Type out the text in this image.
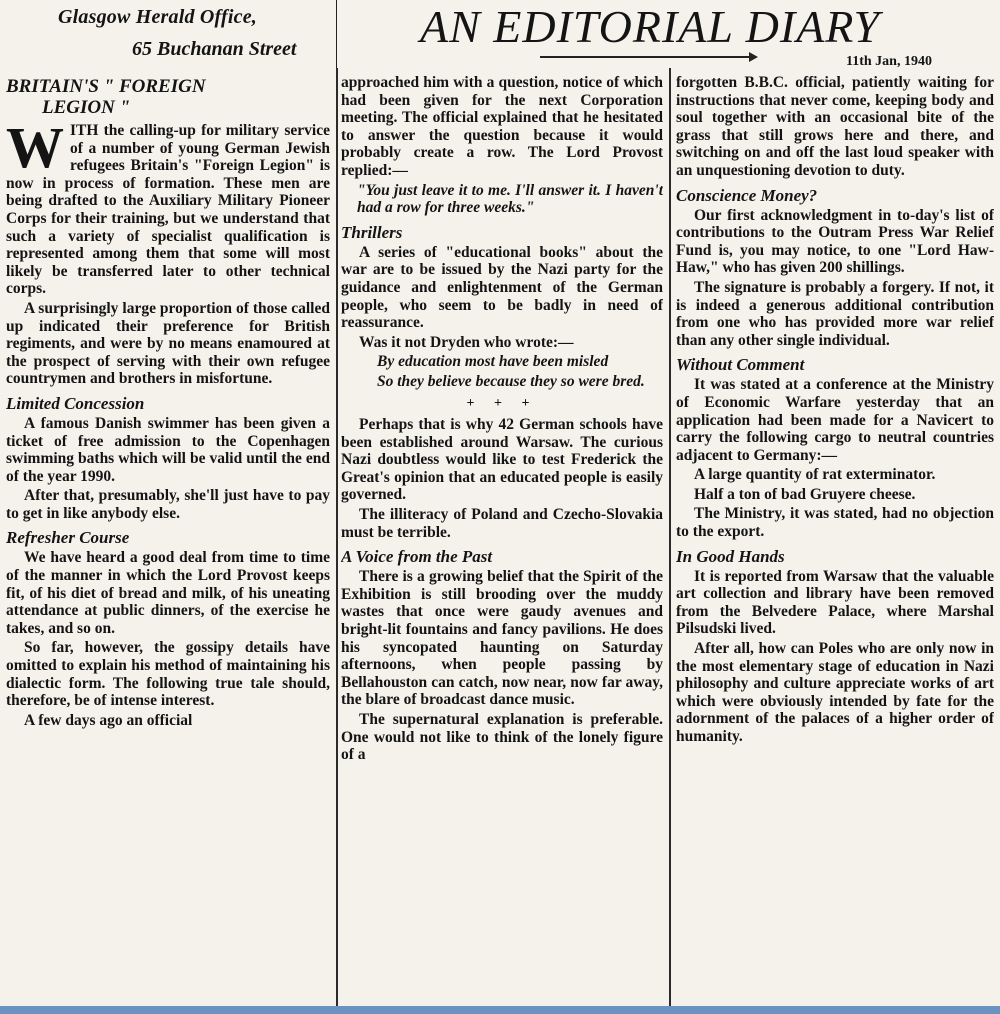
Glasgow Herald Office,
65 Buchanan Street	AN EDITORIAL DIARY
11th Jan, 1940
BRITAIN'S " FOREIGN
LEGION "

WITH the calling-up for military service of a number of young German Jewish refugees Britain's "Foreign Legion" is now in process of formation. These men are being drafted to the Auxiliary Military Pioneer Corps for their training, but we understand that such a variety of specialist qualification is represented among them that some will most likely be transferred later to other technical corps.

A surprisingly large proportion of those called up indicated their preference for British regiments, and were by no means enamoured at the prospect of serving with their own refugee countrymen and brothers in misfortune.

Limited Concession

A famous Danish swimmer has been given a ticket of free admission to the Copenhagen swimming baths which will be valid until the end of the year 1990.

After that, presumably, she'll just have to pay to get in like anybody else.

Refresher Course

We have heard a good deal from time to time of the manner in which the Lord Provost keeps fit, of his diet of bread and milk, of his uneating attendance at public dinners, of the exercise he takes, and so on.

So far, however, the gossipy details have omitted to explain his method of maintaining his dialectic form. The following true tale should, therefore, be of intense interest.

A few days ago an official

approached him with a question, notice of which had been given for the next Corporation meeting. The official explained that he hesitated to answer the question because it would probably create a row. The Lord Provost replied:—

"You just leave it to me. I'll answer it. I haven't had a row for three weeks."

Thrillers

A series of "educational books" about the war are to be issued by the Nazi party for the guidance and enlightenment of the German people, who seem to be badly in need of reassurance.

Was it not Dryden who wrote:—

By education most have been misled

So they believe because they so were bred.

+ + +

Perhaps that is why 42 German schools have been established around Warsaw. The curious Nazi doubtless would like to test Frederick the Great's opinion that an educated people is easily governed.

The illiteracy of Poland and Czecho-Slovakia must be terrible.

A Voice from the Past

There is a growing belief that the Spirit of the Exhibition is still brooding over the muddy wastes that once were gaudy avenues and bright-lit fountains and fancy pavilions. He does his syncopated haunting on Saturday afternoons, when people passing by Bellahouston can catch, now near, now far away, the blare of broadcast dance music.

The supernatural explanation is preferable. One would not like to think of the lonely figure of a

forgotten B.B.C. official, patiently waiting for instructions that never come, keeping body and soul together with an occasional bite of the grass that still grows here and there, and switching on and off the last loud speaker with an unquestioning devotion to duty.

Conscience Money?

Our first acknowledgment in to-day's list of contributions to the Outram Press War Relief Fund is, you may notice, to one "Lord Haw-Haw," who has given 200 shillings.

The signature is probably a forgery. If not, it is indeed a generous additional contribution from one who has provided more war relief than any other single individual.

Without Comment

It was stated at a conference at the Ministry of Economic Warfare yesterday that an application had been made for a Navicert to carry the following cargo to neutral countries adjacent to Germany:—

A large quantity of rat exterminator.

Half a ton of bad Gruyere cheese.

The Ministry, it was stated, had no objection to the export.

In Good Hands

It is reported from Warsaw that the valuable art collection and library have been removed from the Belvedere Palace, where Marshal Pilsudski lived.

After all, how can Poles who are only now in the most elementary stage of education in Nazi philosophy and culture appreciate works of art which were obviously intended by fate for the adornment of the palaces of a higher order of humanity.
